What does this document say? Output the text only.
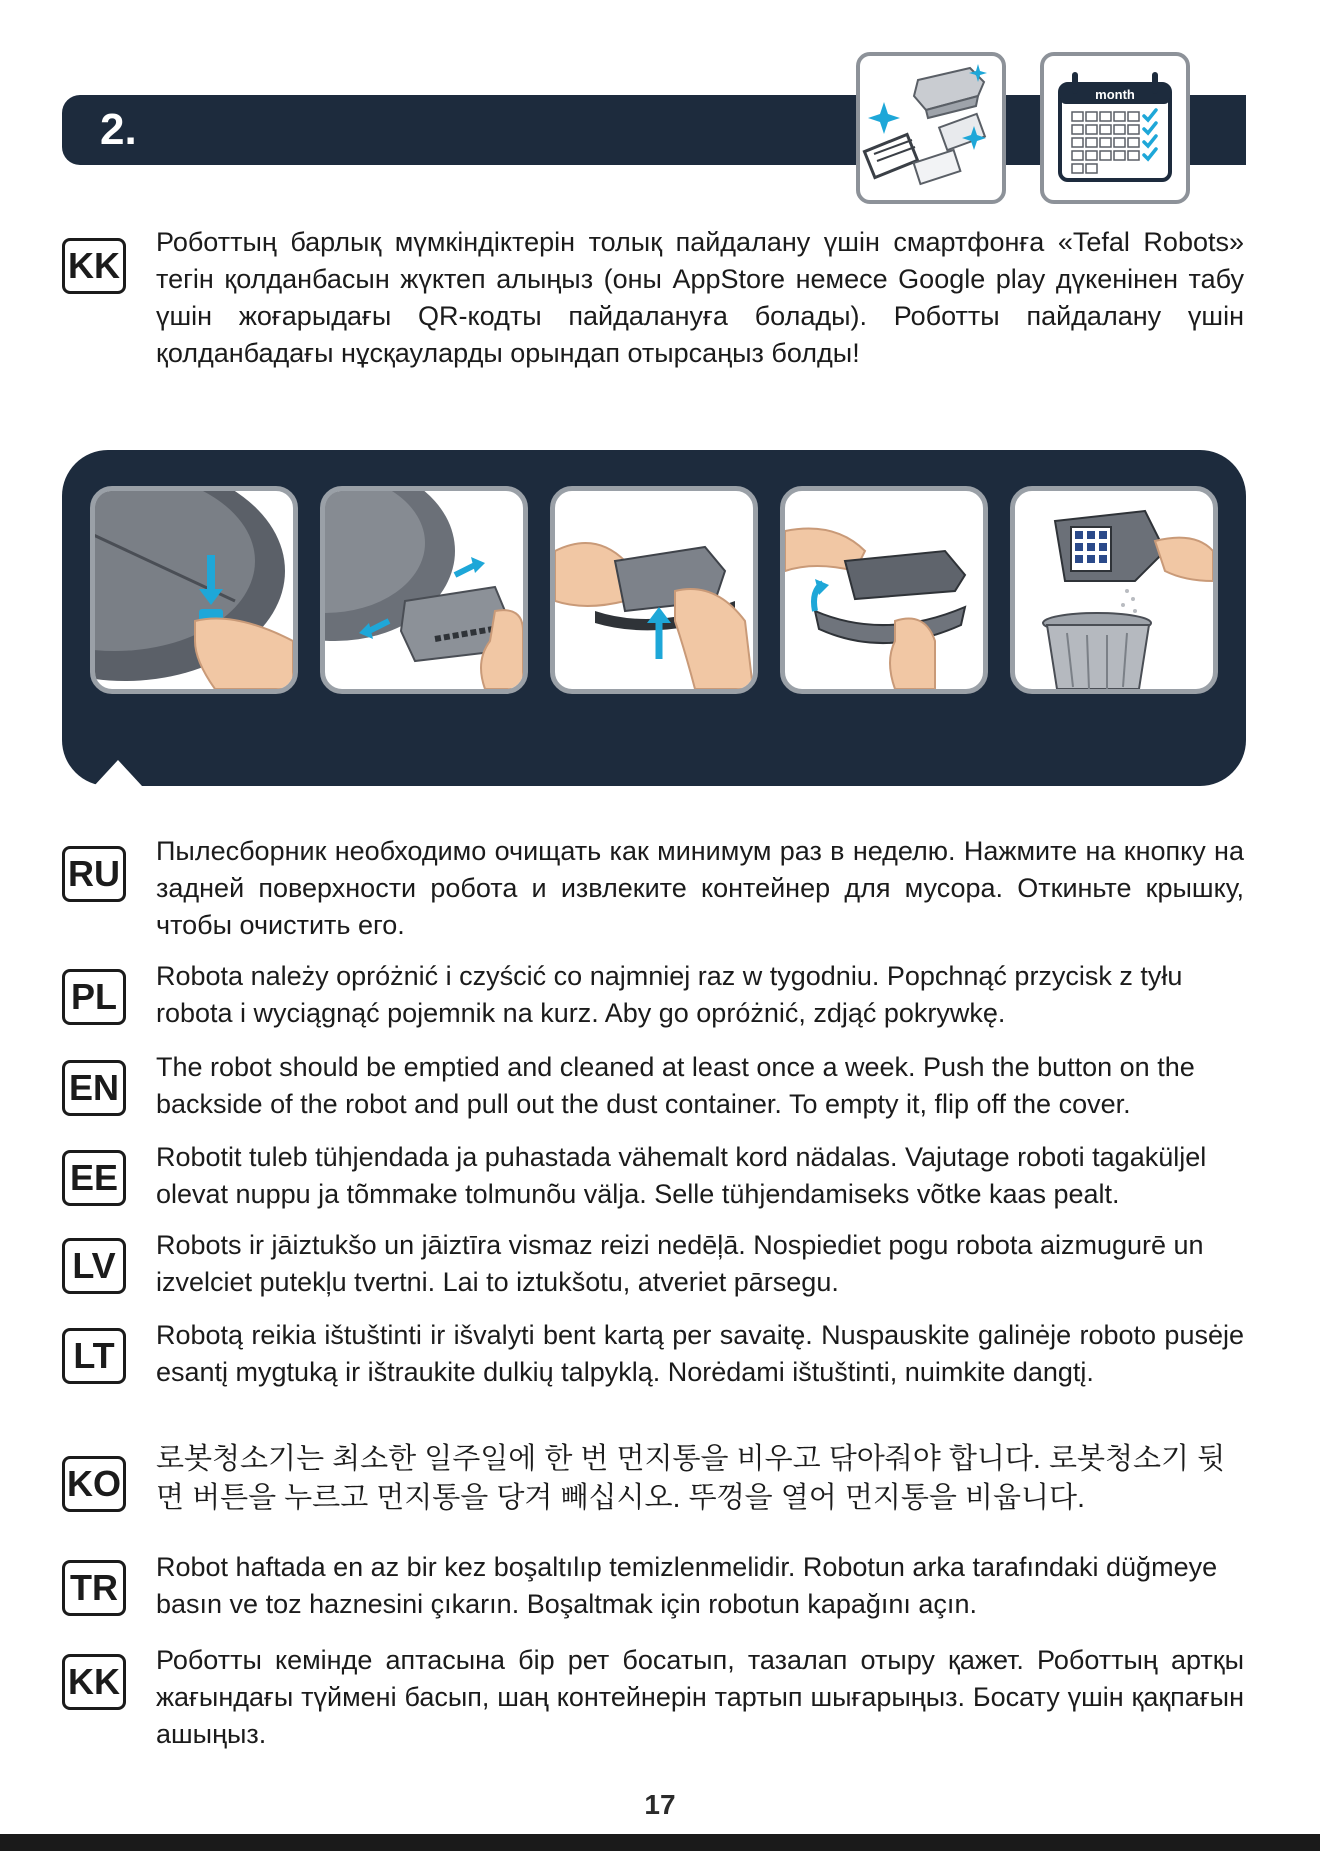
2.
month
KK
Роботтың барлық мүмкіндіктерін толық пайдалану үшін смартфонға «Tefal Robots» тегін қолданбасын жүктеп алыңыз (оны AppStore немесе Google play дүкенінен табу үшін жоғарыдағы QR-кодты пайдалануға болады). Роботты пайдалану үшін қолданбадағы нұсқауларды орындап отырсаңыз болды!
RU
Пылесборник необходимо очищать как минимум раз в неделю. Нажмите на кнопку на задней поверхности робота и извлеките контейнер для мусора. Откиньте крышку, чтобы очистить его.
PL	Robota należy opróżnić i czyścić co najmniej raz w tygodniu. Popchnąć przycisk z tyłu robota i wyciągnąć pojemnik na kurz. Aby go opróżnić, zdjąć pokrywkę.
EN The robot should be emptied and cleaned at least once a week. Push the button on the backside of the robot and pull out the dust container. To empty it, flip off the cover.
EE Robotit tuleb tühjendada ja puhastada vähemalt kord nädalas. Vajutage roboti tagaküljel olevat nuppu ja tõmmake tolmunõu välja. Selle tühjendamiseks võtke kaas pealt.
LV	Robots ir jāiztukšo un jāiztīra vismaz reizi nedēļā. Nospiediet pogu robota aizmugurē un izvelciet putekļu tvertni. Lai to iztukšotu, atveriet pārsegu.
LT	Robotą reikia ištuštinti ir išvalyti bent kartą per savaitę. Nuspauskite galinėje roboto pusėje esantį mygtuką ir ištraukite dulkių talpyklą. Norėdami ištuštinti, nuimkite dangtį.
KO
로봇청소기는 최소한 일주일에 한 번 먼지통을 비우고 닦아줘야 합니다. 로봇청소기 뒷면 버튼을 누르고 먼지통을 당겨 빼십시오. 뚜껑을 열어 먼지통을 비웁니다.
TR Robot haftada en az bir kez boşaltılıp temizlenmelidir. Robotun arka tarafındaki düğmeye basın ve toz haznesini çıkarın. Boşaltmak için robotun kapağını açın.
KK
Роботты кемінде аптасына бір рет босатып, тазалап отыру қажет. Роботтың артқы жағындағы түймені басып, шаң контейнерін тартып шығарыңыз. Босату үшін қақпағын ашыңыз.
17
